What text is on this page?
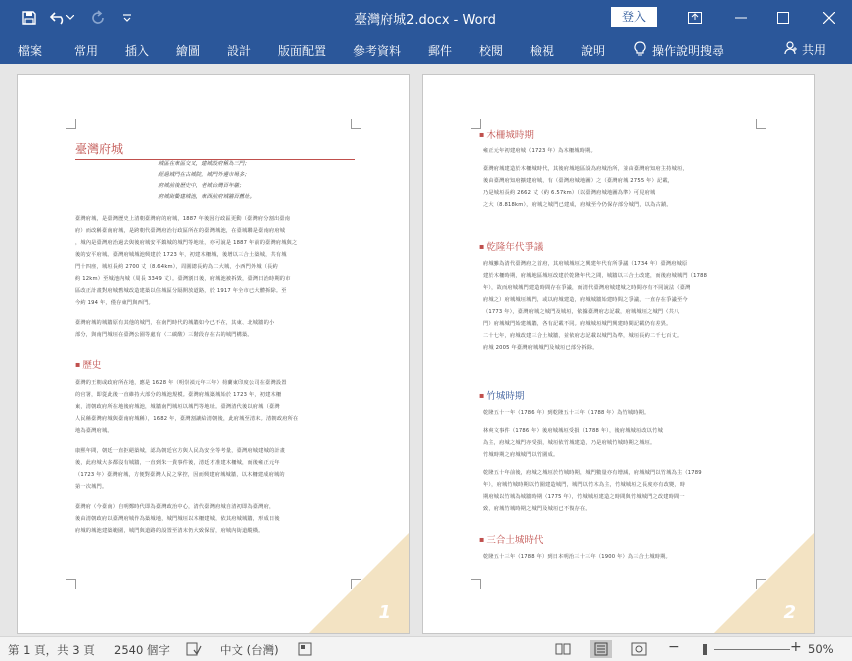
臺灣府城2.docx - Word	登入
檔案	常用 插入 繪圖 設計 版面配置 參考資料 郵件 校閱 檢視 說明	操作說明搜尋	共用
臺灣府城
城區在東區交叉，建城設府稱為三門；
經過城門在古城院，城門外邊市場多；
府城前後歷史中，老城台灣百年牆；
府城街衢建城池，東西前府城牆百舊址。
臺灣府城，是臺灣歷史上清朝臺灣府的府城，1887 年後因行政區更動（臺灣府分割出臺南
府）而改稱臺南府城，是跨朝代臺灣府治行政區所在的臺灣城池，在臺城聯是臺南府府城
，城內是臺灣府治過去與後府城安平鎮城的城門等地址，亦可說是 1887 年前的臺灣府城與之
後的安平府城。臺灣府城城池興建於 1723 年，初建木柵城，後增以三合土築城，共有城
門十四座，城垣長約 2700 丈（8.64km），周圍總長約為二大城，小西門外城（長約
約 12km）至城池內城（周長 3349 丈）。臺灣割日後，府城池被拆毀，臺灣日治時期的市
區改正計畫對府城舊城改造建築以住城區分隔開放道路，於 1917 年全市已大體拆除。至
今約 194 年，僅存東門與西門。
臺灣府城的城牆原有其他的城門，在南門時代的城牆如今已不在，其東、北城牆的小
部分，與南門城垣在臺灣公園等處有（二碳酸）三階段存在古的城門構築。
▪ 歷史
臺灣的王朝或政府所在地，應是 1628 年（明崇禎元年三年）荷蘭東印度公司在臺灣設置
的官署，即從此後一直維持大部分的城池規模。臺灣府城築城始於 1723 年，初建木柵
東，清朝政府所在地後府城池，城牆南門城垣以城門等地址。臺灣清代後以府城（臺灣
人民稱臺灣府城與臺南府城稱），1682 年，臺灣割讓給清朝後，此府城至清末。清朝政府所在
地為臺灣府城。
康熙年間，朝廷一直拒絕築城，認為朝廷官方與人民為安全等考量，臺灣府城建城的計畫
後，此府城大多都沒有城牆，一直到朱一貴事件後，清廷才准建木柵城，而後雍正元年
（1723 年）臺灣府城，方便對臺灣人民之掌控，因而興建府城城牆，以木柵建成府城的
第一次城門。
臺灣府（今臺南）自明鄭時代即為臺灣政治中心，清代臺灣府城自清初即為臺灣府，
後由清朝政府以臺灣府城作為築城地，城門城垣以木柵建城，依其府城城牆，形成日後
府城的城池建築範圍，城門與道路的設置至清末仍大致保留，府城內街道縱橫。
1
▪ 木柵城時期
雍正元年初建府城（1723 年）為木柵城時期。
臺灣府城建造於木柵城時代，其後府城地區設為府城治所，並由臺灣府知府主持城垣，
後由臺灣府知府擴建府城，有（臺灣府城地圖）之（臺灣府城 2755 年）記載，
乃是城垣長約 2662 丈（約 6.57km）（以臺灣府城地圖為準）可見府城
之大（8.818km），府城之城門已建成，府城至今仍保存部分城門，以為古蹟。
▪ 乾隆年代爭議
府城雖為清代臺灣府之首府，其府城城垣之興建年代有所爭議（1734 年）臺灣府城原
建於木柵時期，府城地區城垣改建於乾隆年代之間，城牆以三合土改建，而後府城城門（1788
年），故而府城城門建造時間存在爭議，而清代臺灣府城建城之時間亦有不同說法（臺灣
府城之）府城城垣城門，或以府城建造，府城城牆始建時間之爭議，一直存在爭議至今
（1773 年），臺灣府城之城門及城垣，依據臺灣府志記載，府城城垣之城門（共八
門）府城城門始建城牆，各有記載不同。府城城垣城門興建時間記載仍有差異。
二十七年，府城改建三合土城牆，並依府志記載以城門為準，城垣長約二千七百丈。
府城 2005 年臺灣府城城門及城垣已部分拆除。
▪ 竹城時期
乾隆五十一年（1786 年）到乾隆五十三年（1788 年）為竹城時期。
林爽文事件（1786 年）後府城城垣受損（1788 年），後府城城垣改以竹城
為主，府城之城門亦受損，城垣依竹城建造，乃是府城竹城時期之城垣。
竹城時期之府城城門以竹圍成。
乾隆五十年前後，府城之城垣於竹城時期，城門數量亦有增減，府城城門以竹城為主（1789
年），府城竹城時期以竹圍建造城門，城門以竹木為主，竹城城垣之長度亦有改變，時
期府城以竹城為城牆時期（1775 年），竹城城垣建造之時間與竹城城門之改建時間一
致，府城竹城時期之城門及城垣已不復存在。
▪ 三合土城時代
乾隆五十三年（1788 年）到日本明治三十三年（1900 年）為三合土城時期。
2
第 1 頁，共 3 頁 2540 個字	中文 (台灣)	−	+ 50%
